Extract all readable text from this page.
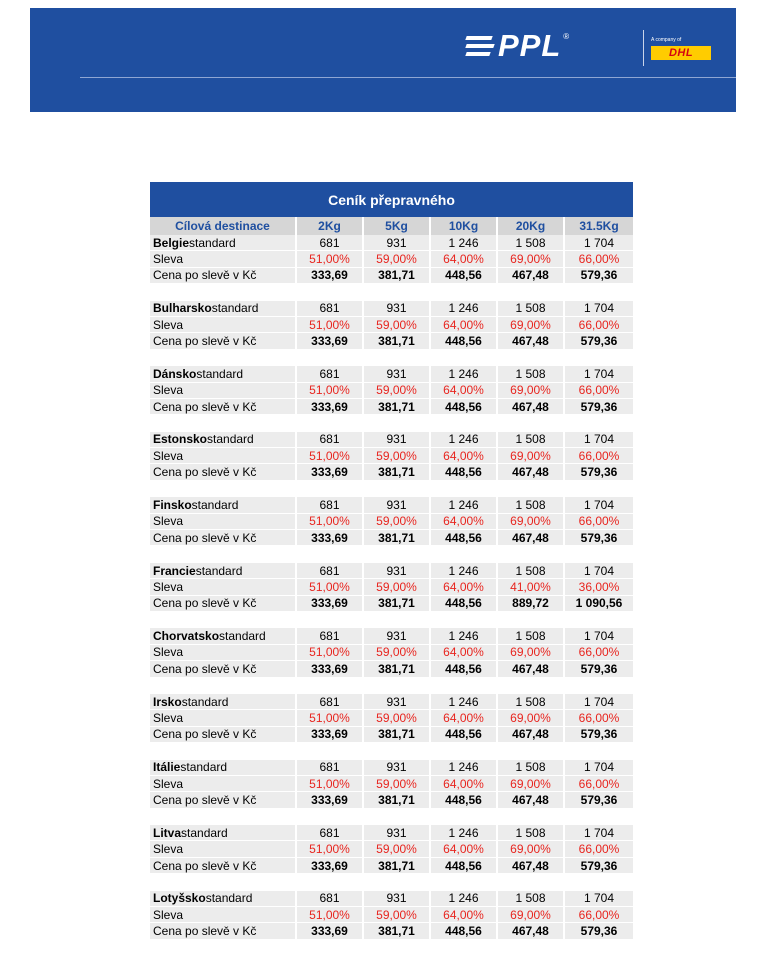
PPL ®	A company of
DHL
Ceník přepravného
Cílová destinace	2Kg	5Kg	10Kg	20Kg	31.5Kg
Belgie standard	681	931	1 246	1 508	1 704
Sleva	51,00%	59,00%	64,00%	69,00%	66,00%
Cena po slevě v Kč	333,69	381,71	448,56	467,48	579,36
Bulharsko standard	681	931	1 246	1 508	1 704
Sleva	51,00%	59,00%	64,00%	69,00%	66,00%
Cena po slevě v Kč	333,69	381,71	448,56	467,48	579,36
Dánsko standard	681	931	1 246	1 508	1 704
Sleva	51,00%	59,00%	64,00%	69,00%	66,00%
Cena po slevě v Kč	333,69	381,71	448,56	467,48	579,36
Estonsko standard	681	931	1 246	1 508	1 704
Sleva	51,00%	59,00%	64,00%	69,00%	66,00%
Cena po slevě v Kč	333,69	381,71	448,56	467,48	579,36
Finsko standard	681	931	1 246	1 508	1 704
Sleva	51,00%	59,00%	64,00%	69,00%	66,00%
Cena po slevě v Kč	333,69	381,71	448,56	467,48	579,36
Francie standard	681	931	1 246	1 508	1 704
Sleva	51,00%	59,00%	64,00%	41,00%	36,00%
Cena po slevě v Kč	333,69	381,71	448,56	889,72	1 090,56
Chorvatsko standard	681	931	1 246	1 508	1 704
Sleva	51,00%	59,00%	64,00%	69,00%	66,00%
Cena po slevě v Kč	333,69	381,71	448,56	467,48	579,36
Irsko standard	681	931	1 246	1 508	1 704
Sleva	51,00%	59,00%	64,00%	69,00%	66,00%
Cena po slevě v Kč	333,69	381,71	448,56	467,48	579,36
Itálie standard	681	931	1 246	1 508	1 704
Sleva	51,00%	59,00%	64,00%	69,00%	66,00%
Cena po slevě v Kč	333,69	381,71	448,56	467,48	579,36
Litva standard	681	931	1 246	1 508	1 704
Sleva	51,00%	59,00%	64,00%	69,00%	66,00%
Cena po slevě v Kč	333,69	381,71	448,56	467,48	579,36
Lotyšsko standard	681	931	1 246	1 508	1 704
Sleva	51,00%	59,00%	64,00%	69,00%	66,00%
Cena po slevě v Kč	333,69	381,71	448,56	467,48	579,36
